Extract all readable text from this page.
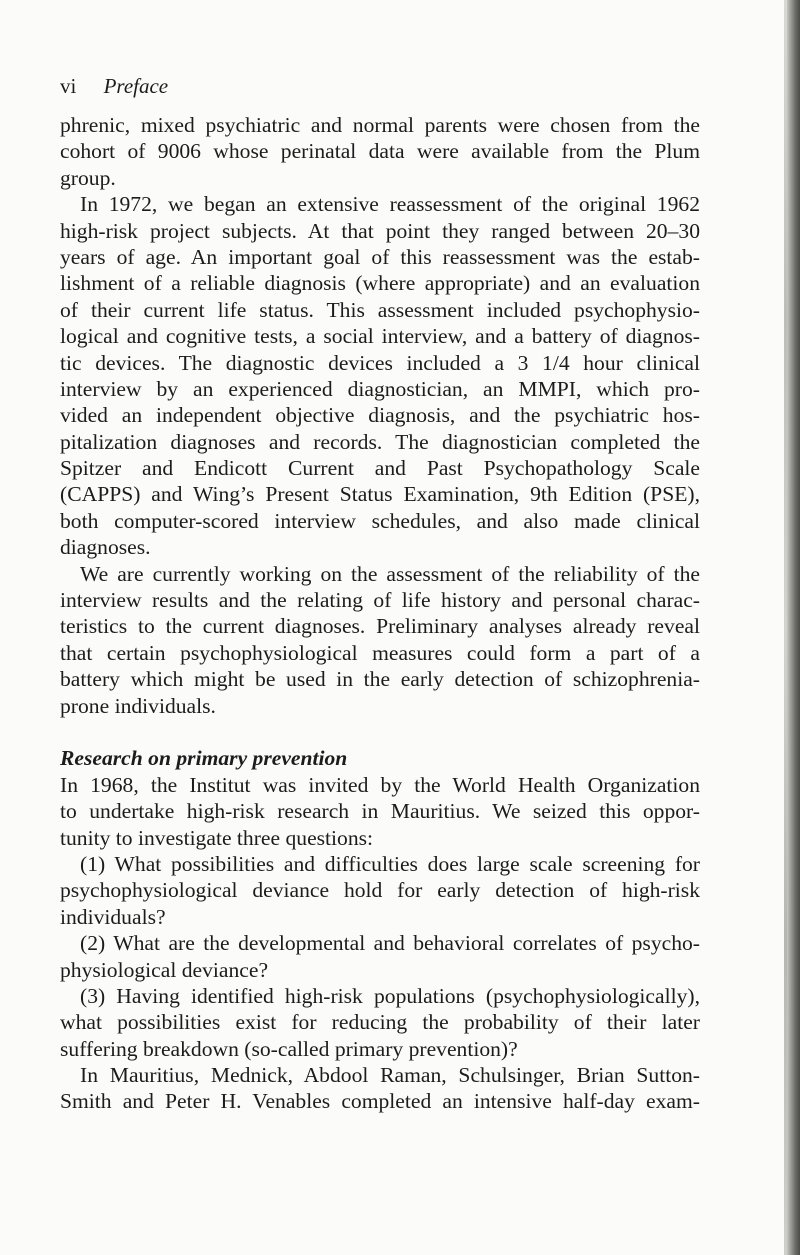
vi Preface
phrenic, mixed psychiatric and normal parents were chosen from the
cohort of 9006 whose perinatal data were available from the Plum
group.
In 1972, we began an extensive reassessment of the original 1962
high-risk project subjects. At that point they ranged between 20–30
years of age. An important goal of this reassessment was the estab-
lishment of a reliable diagnosis (where appropriate) and an evaluation
of their current life status. This assessment included psychophysio-
logical and cognitive tests, a social interview, and a battery of diagnos-
tic devices. The diagnostic devices included a 3 1/4 hour clinical
interview by an experienced diagnostician, an MMPI, which pro-
vided an independent objective diagnosis, and the psychiatric hos-
pitalization diagnoses and records. The diagnostician completed the
Spitzer and Endicott Current and Past Psychopathology Scale
(CAPPS) and Wing’s Present Status Examination, 9th Edition (PSE),
both computer-scored interview schedules, and also made clinical
diagnoses.
We are currently working on the assessment of the reliability of the
interview results and the relating of life history and personal charac-
teristics to the current diagnoses. Preliminary analyses already reveal
that certain psychophysiological measures could form a part of a
battery which might be used in the early detection of schizophrenia-
prone individuals.
Research on primary prevention
In 1968, the Institut was invited by the World Health Organization
to undertake high-risk research in Mauritius. We seized this oppor-
tunity to investigate three questions:
(1) What possibilities and difficulties does large scale screening for
psychophysiological deviance hold for early detection of high-risk
individuals?
(2) What are the developmental and behavioral correlates of psycho-
physiological deviance?
(3) Having identified high-risk populations (psychophysiologically),
what possibilities exist for reducing the probability of their later
suffering breakdown (so-called primary prevention)?
In Mauritius, Mednick, Abdool Raman, Schulsinger, Brian Sutton-
Smith and Peter H. Venables completed an intensive half-day exam-
